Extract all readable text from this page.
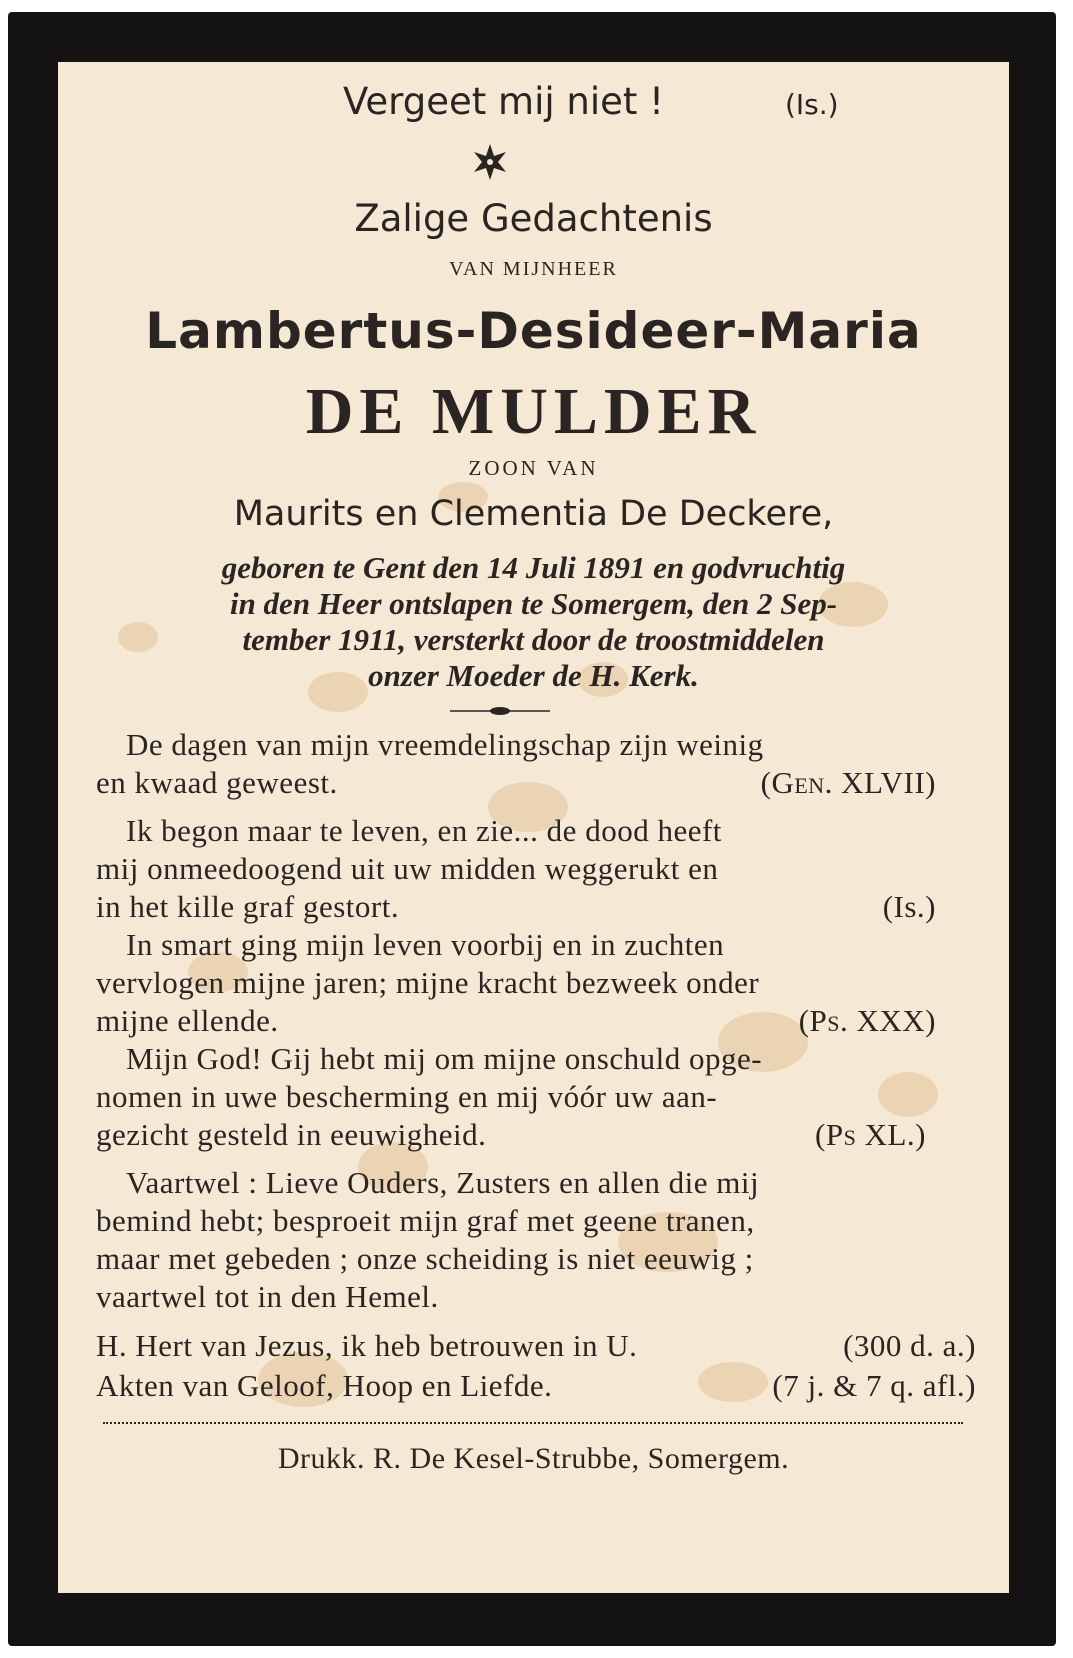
Vergeet mij niet !	(Is.)
Zalige Gedachtenis
VAN MIJNHEER
Lambertus-Desideer-Maria
DE MULDER
ZOON VAN
Maurits en Clementia De Deckere,
geboren te Gent den 14 Juli 1891 en godvruchtig
in den Heer ontslapen te Somergem, den 2 Sep-
tember 1911, versterkt door de troostmiddelen
onzer Moeder de H. Kerk.
De dagen van mijn vreemdelingschap zijn weinig
en kwaad geweest.	(Gen. XLVII)
Ik begon maar te leven, en zie... de dood heeft
mij onmeedoogend uit uw midden weggerukt en
in het kille graf gestort.	(Is.)
In smart ging mijn leven voorbij en in zuchten
vervlogen mijne jaren; mijne kracht bezweek onder
mijne ellende.	(Ps. XXX)
Mijn God! Gij hebt mij om mijne onschuld opge-
nomen in uwe bescherming en mij vóór uw aan-
gezicht gesteld in eeuwigheid.	(Ps XL.)
Vaartwel : Lieve Ouders, Zusters en allen die mij
bemind hebt; besproeit mijn graf met geene tranen,
maar met gebeden ; onze scheiding is niet eeuwig ;
vaartwel tot in den Hemel.
H. Hert van Jezus, ik heb betrouwen in U.	(300 d. a.)
Akten van Geloof, Hoop en Liefde.	(7 j. & 7 q. afl.)
Drukk. R. De Kesel-Strubbe, Somergem.
